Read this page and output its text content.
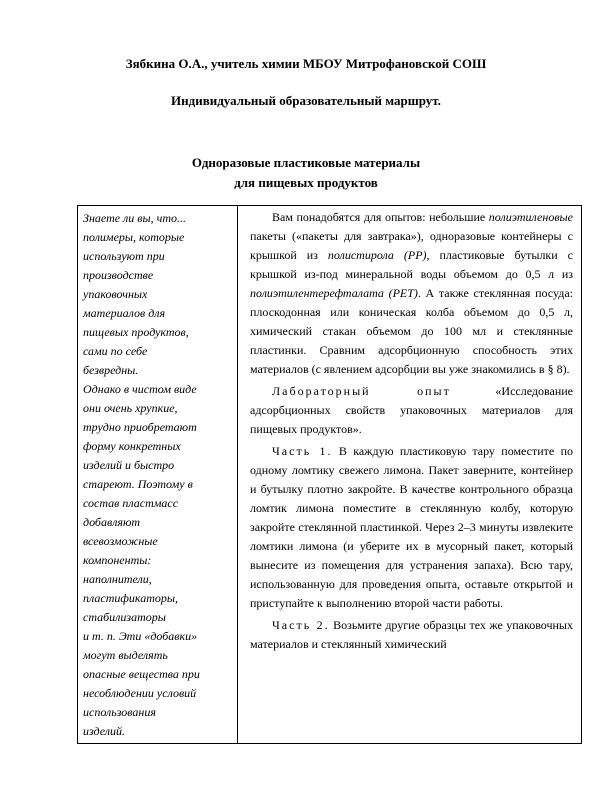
Зябкина О.А., учитель химии МБОУ Митрофановской СОШ
Индивидуальный образовательный маршрут.
Одноразовые пластиковые материалы
для пищевых продуктов
Знаете ли вы, что...
полимеры, которые
используют при
производстве
упаковочных
материалов для
пищевых продуктов,
сами по себе
безвредны.
Однако в чистом виде
они очень хрупкие,
трудно приобретают
форму конкретных
изделий и быстро
стареют. Поэтому в
состав пластмасс
добавляют
всевозможные
компоненты:
наполнители,
пластификаторы,
стабилизаторы
и т. п. Эти «добавки»
могут выделять
опасные вещества при
несоблюдении условий
использования
изделий.

Вам понадобятся для опытов: небольшие полиэтиленовые пакеты («пакеты для завтрака»), одноразовые контейнеры с крышкой из полистирола (PP), пластиковые бутылки с крышкой из-под минеральной воды объемом до 0,5 л из полиэтилентерефталата (PET). А также стеклянная посуда: плоскодонная или коническая колба объемом до 0,5 л, химический стакан объемом до 100 мл и стеклянные пластинки. Сравним адсорбционную способность этих материалов (с явлением адсорбции вы уже знакомились в § 8).

Лабораторный опыт «Исследование адсорбционных свойств упаковочных материалов для пищевых продуктов».

Часть 1. В каждую пластиковую тару поместите по одному ломтику свежего лимона. Пакет заверните, контейнер и бутылку плотно закройте. В качестве контрольного образца ломтик лимона поместите в стеклянную колбу, которую закройте стеклянной пластинкой. Через 2–3 минуты извлеките ломтики лимона (и уберите их в мусорный пакет, который вынесите из помещения для устранения запаха). Всю тару, использованную для проведения опыта, оставьте открытой и приступайте к выполнению второй части работы.

Часть 2. Возьмите другие образцы тех же упаковочных материалов и стеклянный химический
